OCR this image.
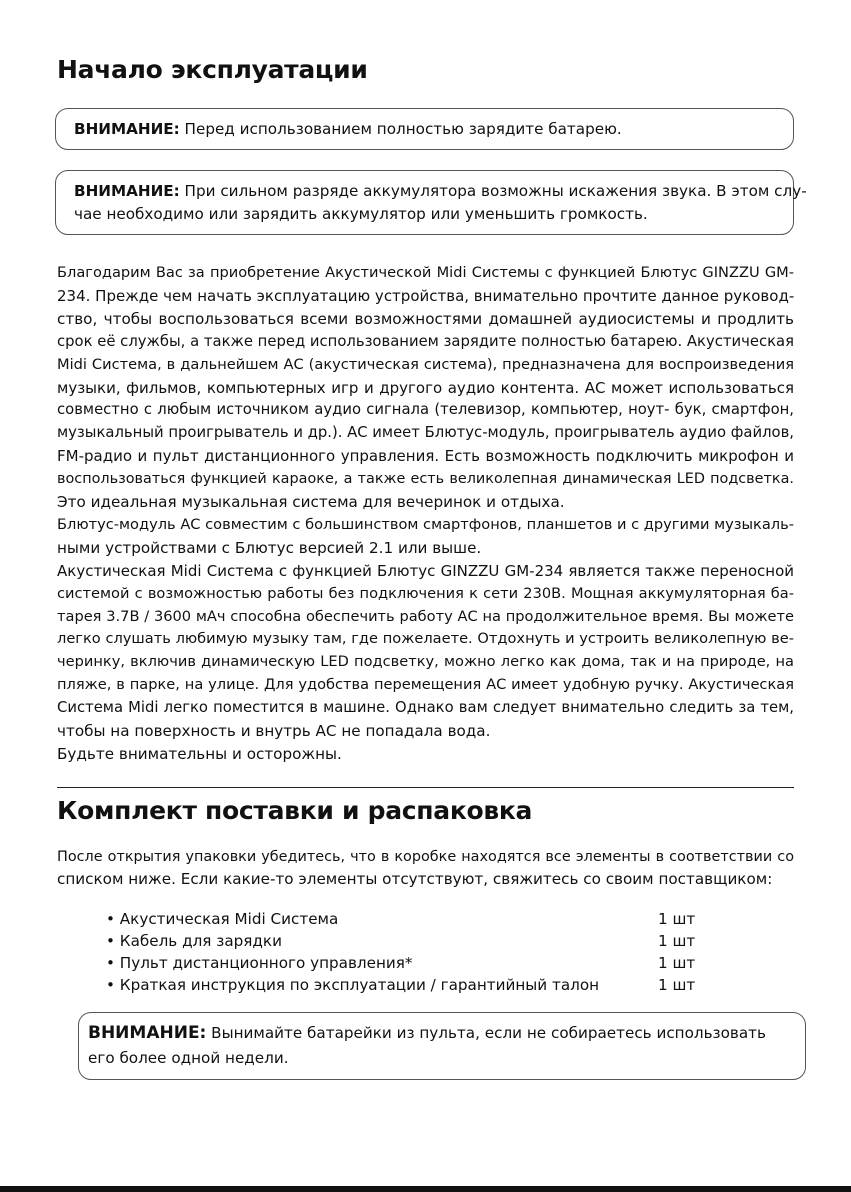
Начало эксплуатации
ВНИМАНИЕ: Перед использованием полностью зарядите батарею.
ВНИМАНИЕ: При сильном разряде аккумулятора возможны искажения звука. В этом слу-
чае необходимо или зарядить аккумулятор или уменьшить громкость.
Благодарим Вас за приобретение Акустической Midi Системы с функцией Блютус GINZZU GM-
234. Прежде чем начать эксплуатацию устройства, внимательно прочтите данное руковод-
ство, чтобы воспользоваться всеми возможностями домашней аудиосистемы и продлить
срок её службы, а также перед использованием зарядите полностью батарею. Акустическая
Midi Система, в дальнейшем АС (акустическая система), предназначена для воспроизведения
музыки, фильмов, компьютерных игр и другого аудио контента. АС может использоваться
совместно с любым источником аудио сигнала (телевизор, компьютер, ноут- бук, смартфон,
музыкальный проигрыватель и др.). АС имеет Блютус-модуль, проигрыватель аудио файлов,
FM-радио и пульт дистанционного управления. Есть возможность подключить микрофон и
воспользоваться функцией караоке, а также есть великолепная динамическая LED подсветка.
Это идеальная музыкальная система для вечеринок и отдыха.
Блютус-модуль АС совместим с большинством смартфонов, планшетов и с другими музыкаль-
ными устройствами с Блютус версией 2.1 или выше.
Акустическая Midi Система с функцией Блютус GINZZU GM-234 является также переносной
системой с возможностью работы без подключения к сети 230В. Мощная аккумуляторная ба-
тарея 3.7В / 3600 мАч способна обеспечить работу АС на продолжительное время. Вы можете
легко слушать любимую музыку там, где пожелаете. Отдохнуть и устроить великолепную ве-
черинку, включив динамическую LED подсветку, можно легко как дома, так и на природе, на
пляже, в парке, на улице. Для удобства перемещения АС имеет удобную ручку. Акустическая
Система Midi легко поместится в машине. Однако вам следует внимательно следить за тем,
чтобы на поверхность и внутрь АС не попадала вода.
Будьте внимательны и осторожны.
Комплект поставки и распаковка
После открытия упаковки убедитесь, что в коробке находятся все элементы в соответствии со
списком ниже. Если какие-то элементы отсутствуют, свяжитесь со своим поставщиком:
• Акустическая Midi Система	1 шт
• Кабель для зарядки	1 шт
• Пульт дистанционного управления*	1 шт
• Краткая инструкция по эксплуатации / гарантийный талон	1 шт
ВНИМАНИЕ: Вынимайте батарейки из пульта, если не собираетесь использовать
его более одной недели.
